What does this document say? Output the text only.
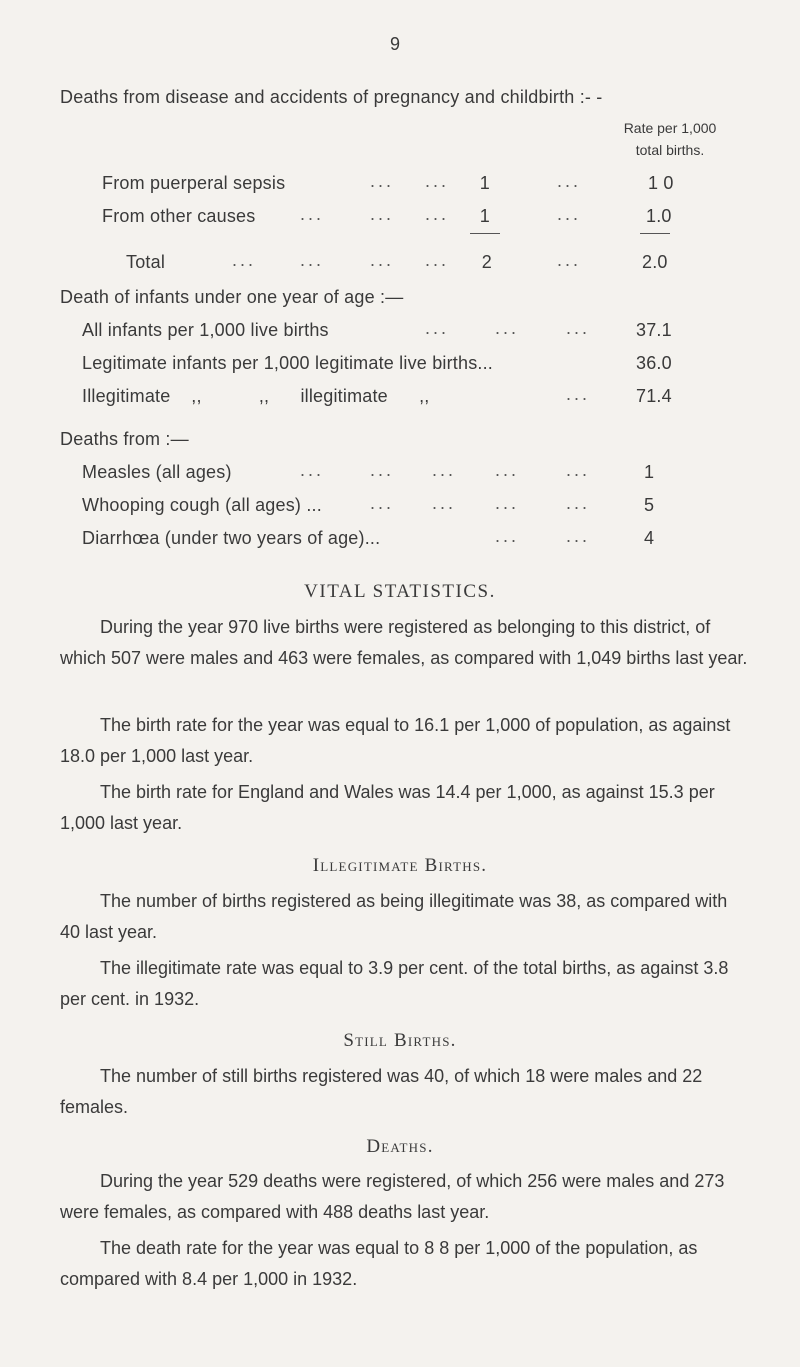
9
Deaths from disease and accidents of pregnancy and childbirth :- -
Rate per 1,000
total births.
From puerperal sepsis	... ...	1	...	1 0
From other causes ...	... ...	1	...	1.0
Total	... ...	... ...	2	...	2.0
Death of infants under one year of age :—
All infants per 1,000 live births	...	...	...	37.1
Legitimate infants per 1,000 legitimate live births...	36.0
Illegitimate    ,,           ,,      illegitimate      ,,	...	71.4
Deaths from :—
Measles (all ages)	...	... ... ...	...	1
Whooping cough (all ages) ...	... ... ...	...	5
Diarrhœa (under two years of age)...	...	...	4
VITAL STATISTICS.
During the year 970 live births were registered as belonging to this district, of which 507 were males and 463 were females, as compared with 1,049 births last year.
The birth rate for the year was equal to 16.1 per 1,000 of population, as against 18.0 per 1,000 last year.
The birth rate for England and Wales was 14.4 per 1,000, as against 15.3 per 1,000 last year.
Illegitimate Births.
The number of births registered as being illegitimate was 38, as compared with 40 last year.
The illegitimate rate was equal to 3.9 per cent. of the total births, as against 3.8 per cent. in 1932.
Still Births.
The number of still births registered was 40, of which 18 were males and 22 females.
Deaths.
During the year 529 deaths were registered, of which 256 were males and 273 were females, as compared with 488 deaths last year.
The death rate for the year was equal to 8 8 per 1,000 of the population, as compared with 8.4 per 1,000 in 1932.
